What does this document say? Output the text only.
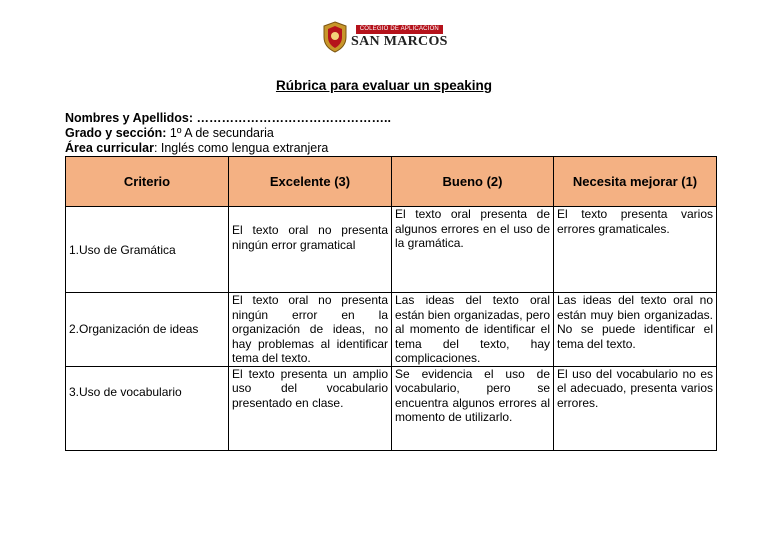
COLEGIO DE APLICACIÓN
SAN MARCOS
Rúbrica para evaluar un speaking
Nombres y Apellidos: ………………………………………..
Grado y sección: 1º A de secundaria
Área curricular: Inglés como lengua extranjera
Criterio	Excelente (3)	Bueno (2)	Necesita mejorar (1)
1.Uso de Gramática	El texto oral no presenta ningún error gramatical	El texto oral presenta de algunos errores en el uso de la gramática.	El texto presenta varios errores gramaticales.
2.Organización de ideas	El texto oral no presenta ningún error en la organización de ideas, no hay problemas al identificar tema del texto.	Las ideas del texto oral están bien organizadas, pero al momento de identificar el tema del texto, hay complicaciones.	Las ideas del texto oral no están muy bien organizadas. No se puede identificar el tema del texto.
3.Uso de vocabulario	El texto presenta un amplio uso del vocabulario presentado en clase.	Se evidencia el uso de vocabulario, pero se encuentra algunos errores al momento de utilizarlo.	El uso del vocabulario no es el adecuado, presenta varios errores.
